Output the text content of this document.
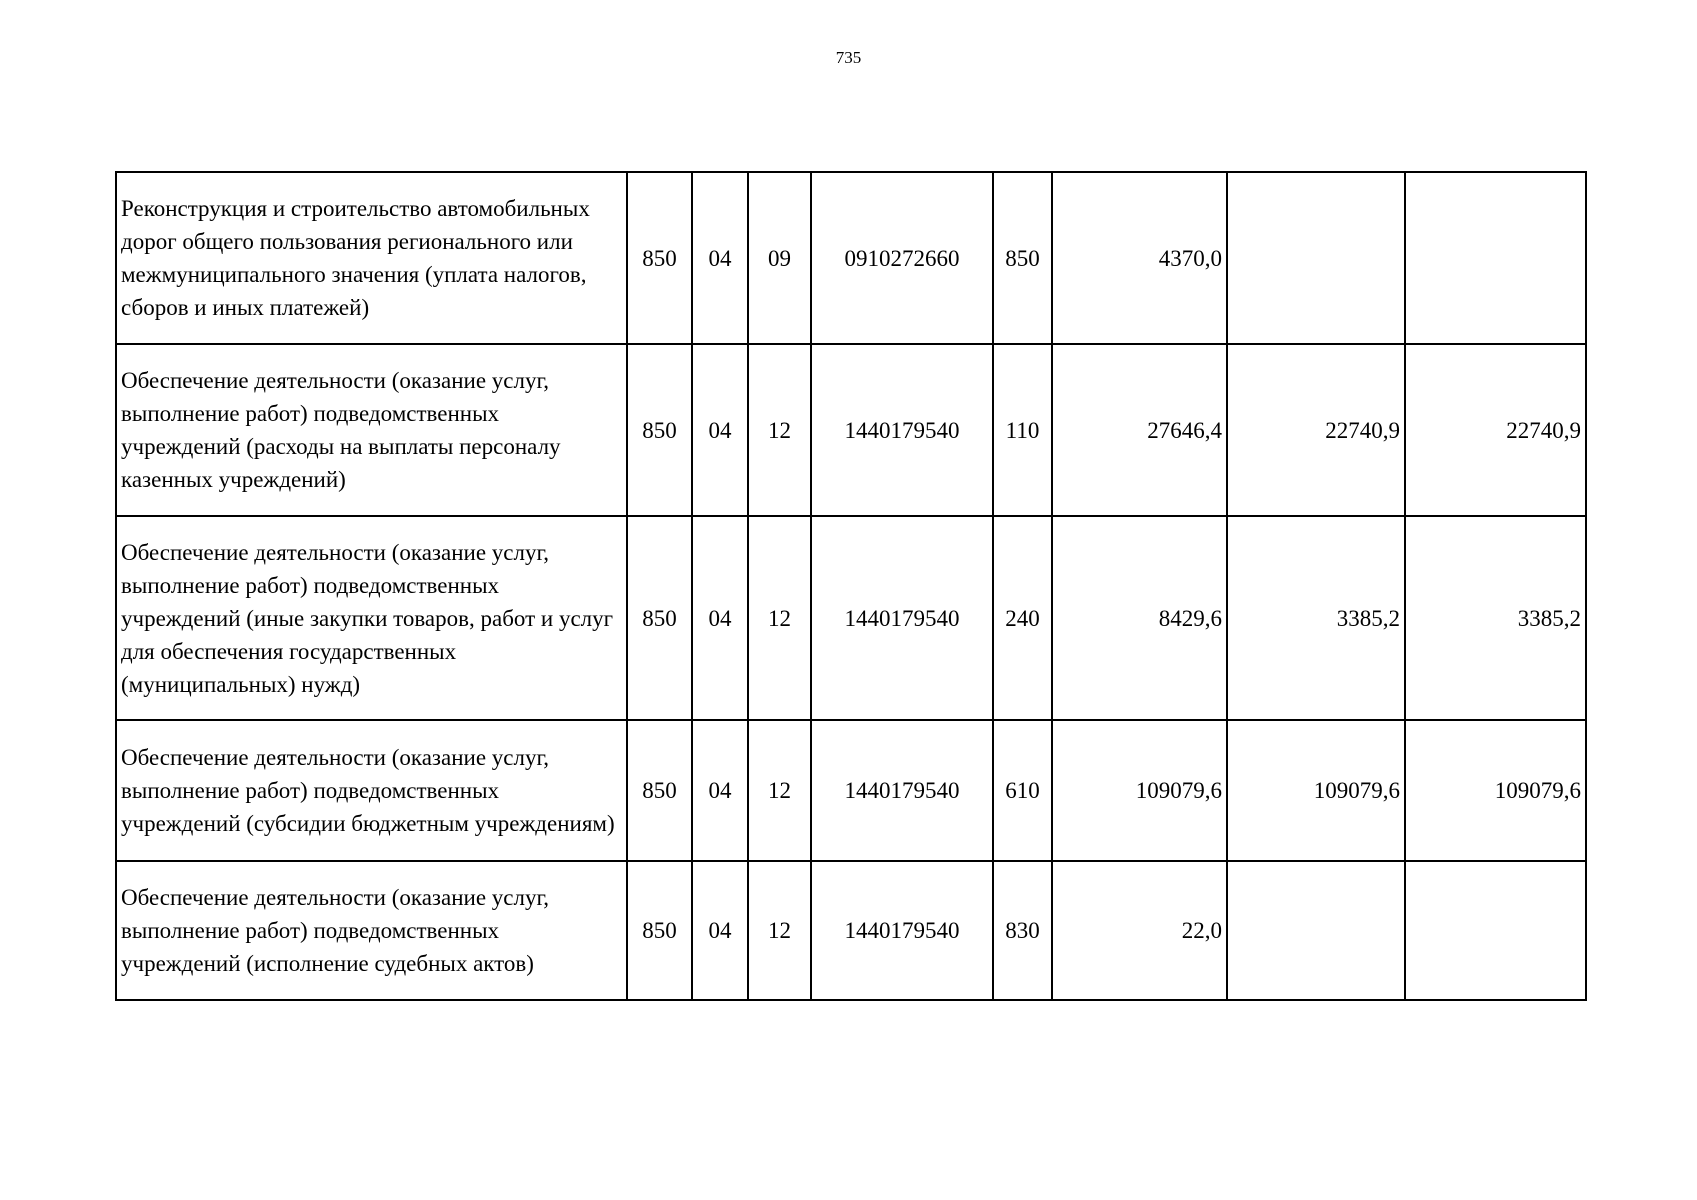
735
Реконструкция и строительство автомобильных дорог общего пользования регионального или межмуниципального значения (уплата налогов, сборов и иных платежей)	850	04	09	0910272660	850	4370,0		
Обеспечение деятельности (оказание услуг, выполнение работ) подведомственных учреждений (расходы на выплаты персоналу казенных учреждений)	850	04	12	1440179540	110	27646,4	22740,9	22740,9
Обеспечение деятельности (оказание услуг, выполнение работ) подведомственных учреждений (иные закупки товаров, работ и услуг для обеспечения государственных (муниципальных) нужд)	850	04	12	1440179540	240	8429,6	3385,2	3385,2
Обеспечение деятельности (оказание услуг, выполнение работ) подведомственных учреждений (субсидии бюджетным учреждениям)	850	04	12	1440179540	610	109079,6	109079,6	109079,6
Обеспечение деятельности (оказание услуг, выполнение работ) подведомственных учреждений (исполнение судебных актов)	850	04	12	1440179540	830	22,0		
